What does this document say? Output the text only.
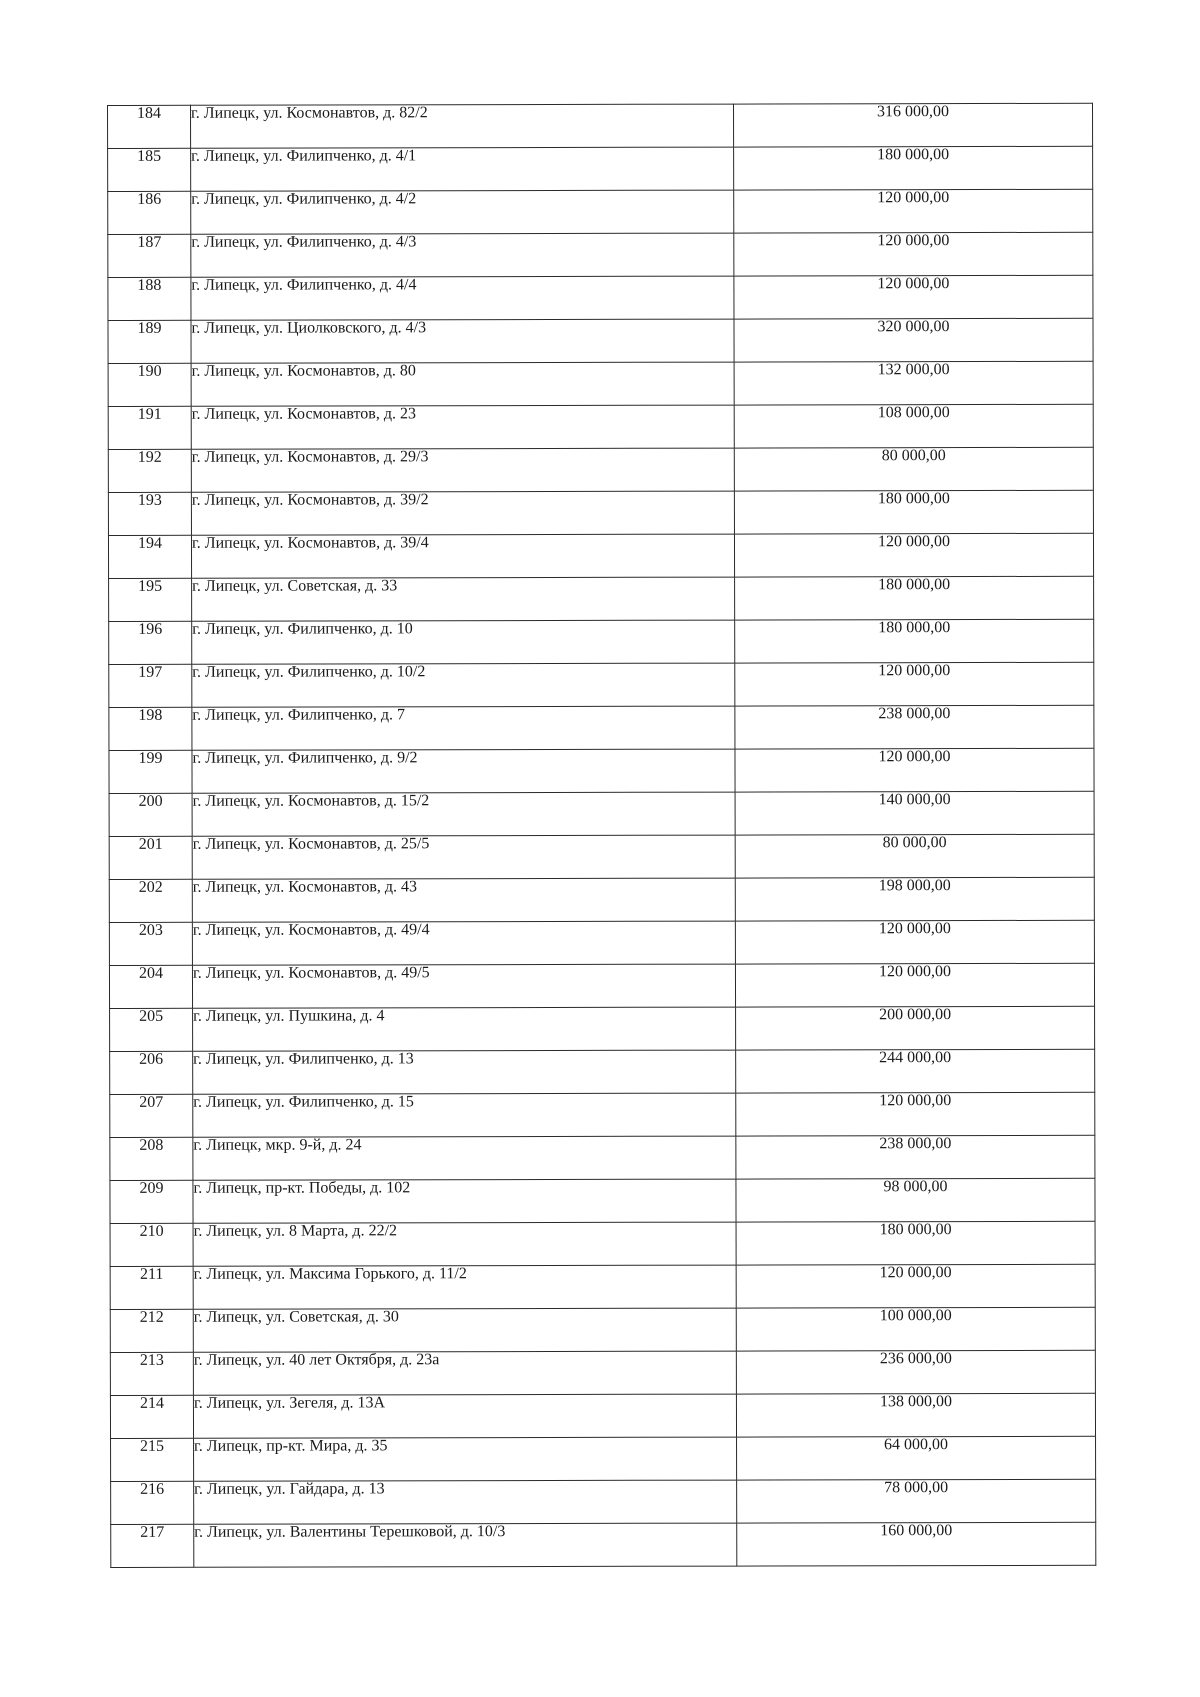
184	г. Липецк, ул. Космонавтов, д. 82/2	316 000,00
185	г. Липецк, ул. Филипченко, д. 4/1	180 000,00
186	г. Липецк, ул. Филипченко, д. 4/2	120 000,00
187	г. Липецк, ул. Филипченко, д. 4/3	120 000,00
188	г. Липецк, ул. Филипченко, д. 4/4	120 000,00
189	г. Липецк, ул. Циолковского, д. 4/3	320 000,00
190	г. Липецк, ул. Космонавтов, д. 80	132 000,00
191	г. Липецк, ул. Космонавтов, д. 23	108 000,00
192	г. Липецк, ул. Космонавтов, д. 29/3	80 000,00
193	г. Липецк, ул. Космонавтов, д. 39/2	180 000,00
194	г. Липецк, ул. Космонавтов, д. 39/4	120 000,00
195	г. Липецк, ул. Советская, д. 33	180 000,00
196	г. Липецк, ул. Филипченко, д. 10	180 000,00
197	г. Липецк, ул. Филипченко, д. 10/2	120 000,00
198	г. Липецк, ул. Филипченко, д. 7	238 000,00
199	г. Липецк, ул. Филипченко, д. 9/2	120 000,00
200	г. Липецк, ул. Космонавтов, д. 15/2	140 000,00
201	г. Липецк, ул. Космонавтов, д. 25/5	80 000,00
202	г. Липецк, ул. Космонавтов, д. 43	198 000,00
203	г. Липецк, ул. Космонавтов, д. 49/4	120 000,00
204	г. Липецк, ул. Космонавтов, д. 49/5	120 000,00
205	г. Липецк, ул. Пушкина, д. 4	200 000,00
206	г. Липецк, ул. Филипченко, д. 13	244 000,00
207	г. Липецк, ул. Филипченко, д. 15	120 000,00
208	г. Липецк, мкр. 9-й, д. 24	238 000,00
209	г. Липецк, пр-кт. Победы, д. 102	98 000,00
210	г. Липецк, ул. 8 Марта, д. 22/2	180 000,00
211	г. Липецк, ул. Максима Горького, д. 11/2	120 000,00
212	г. Липецк, ул. Советская, д. 30	100 000,00
213	г. Липецк, ул. 40 лет Октября, д. 23а	236 000,00
214	г. Липецк, ул. Зегеля, д. 13А	138 000,00
215	г. Липецк, пр-кт. Мира, д. 35	64 000,00
216	г. Липецк, ул. Гайдара, д. 13	78 000,00
217	г. Липецк, ул. Валентины Терешковой, д. 10/3	160 000,00
